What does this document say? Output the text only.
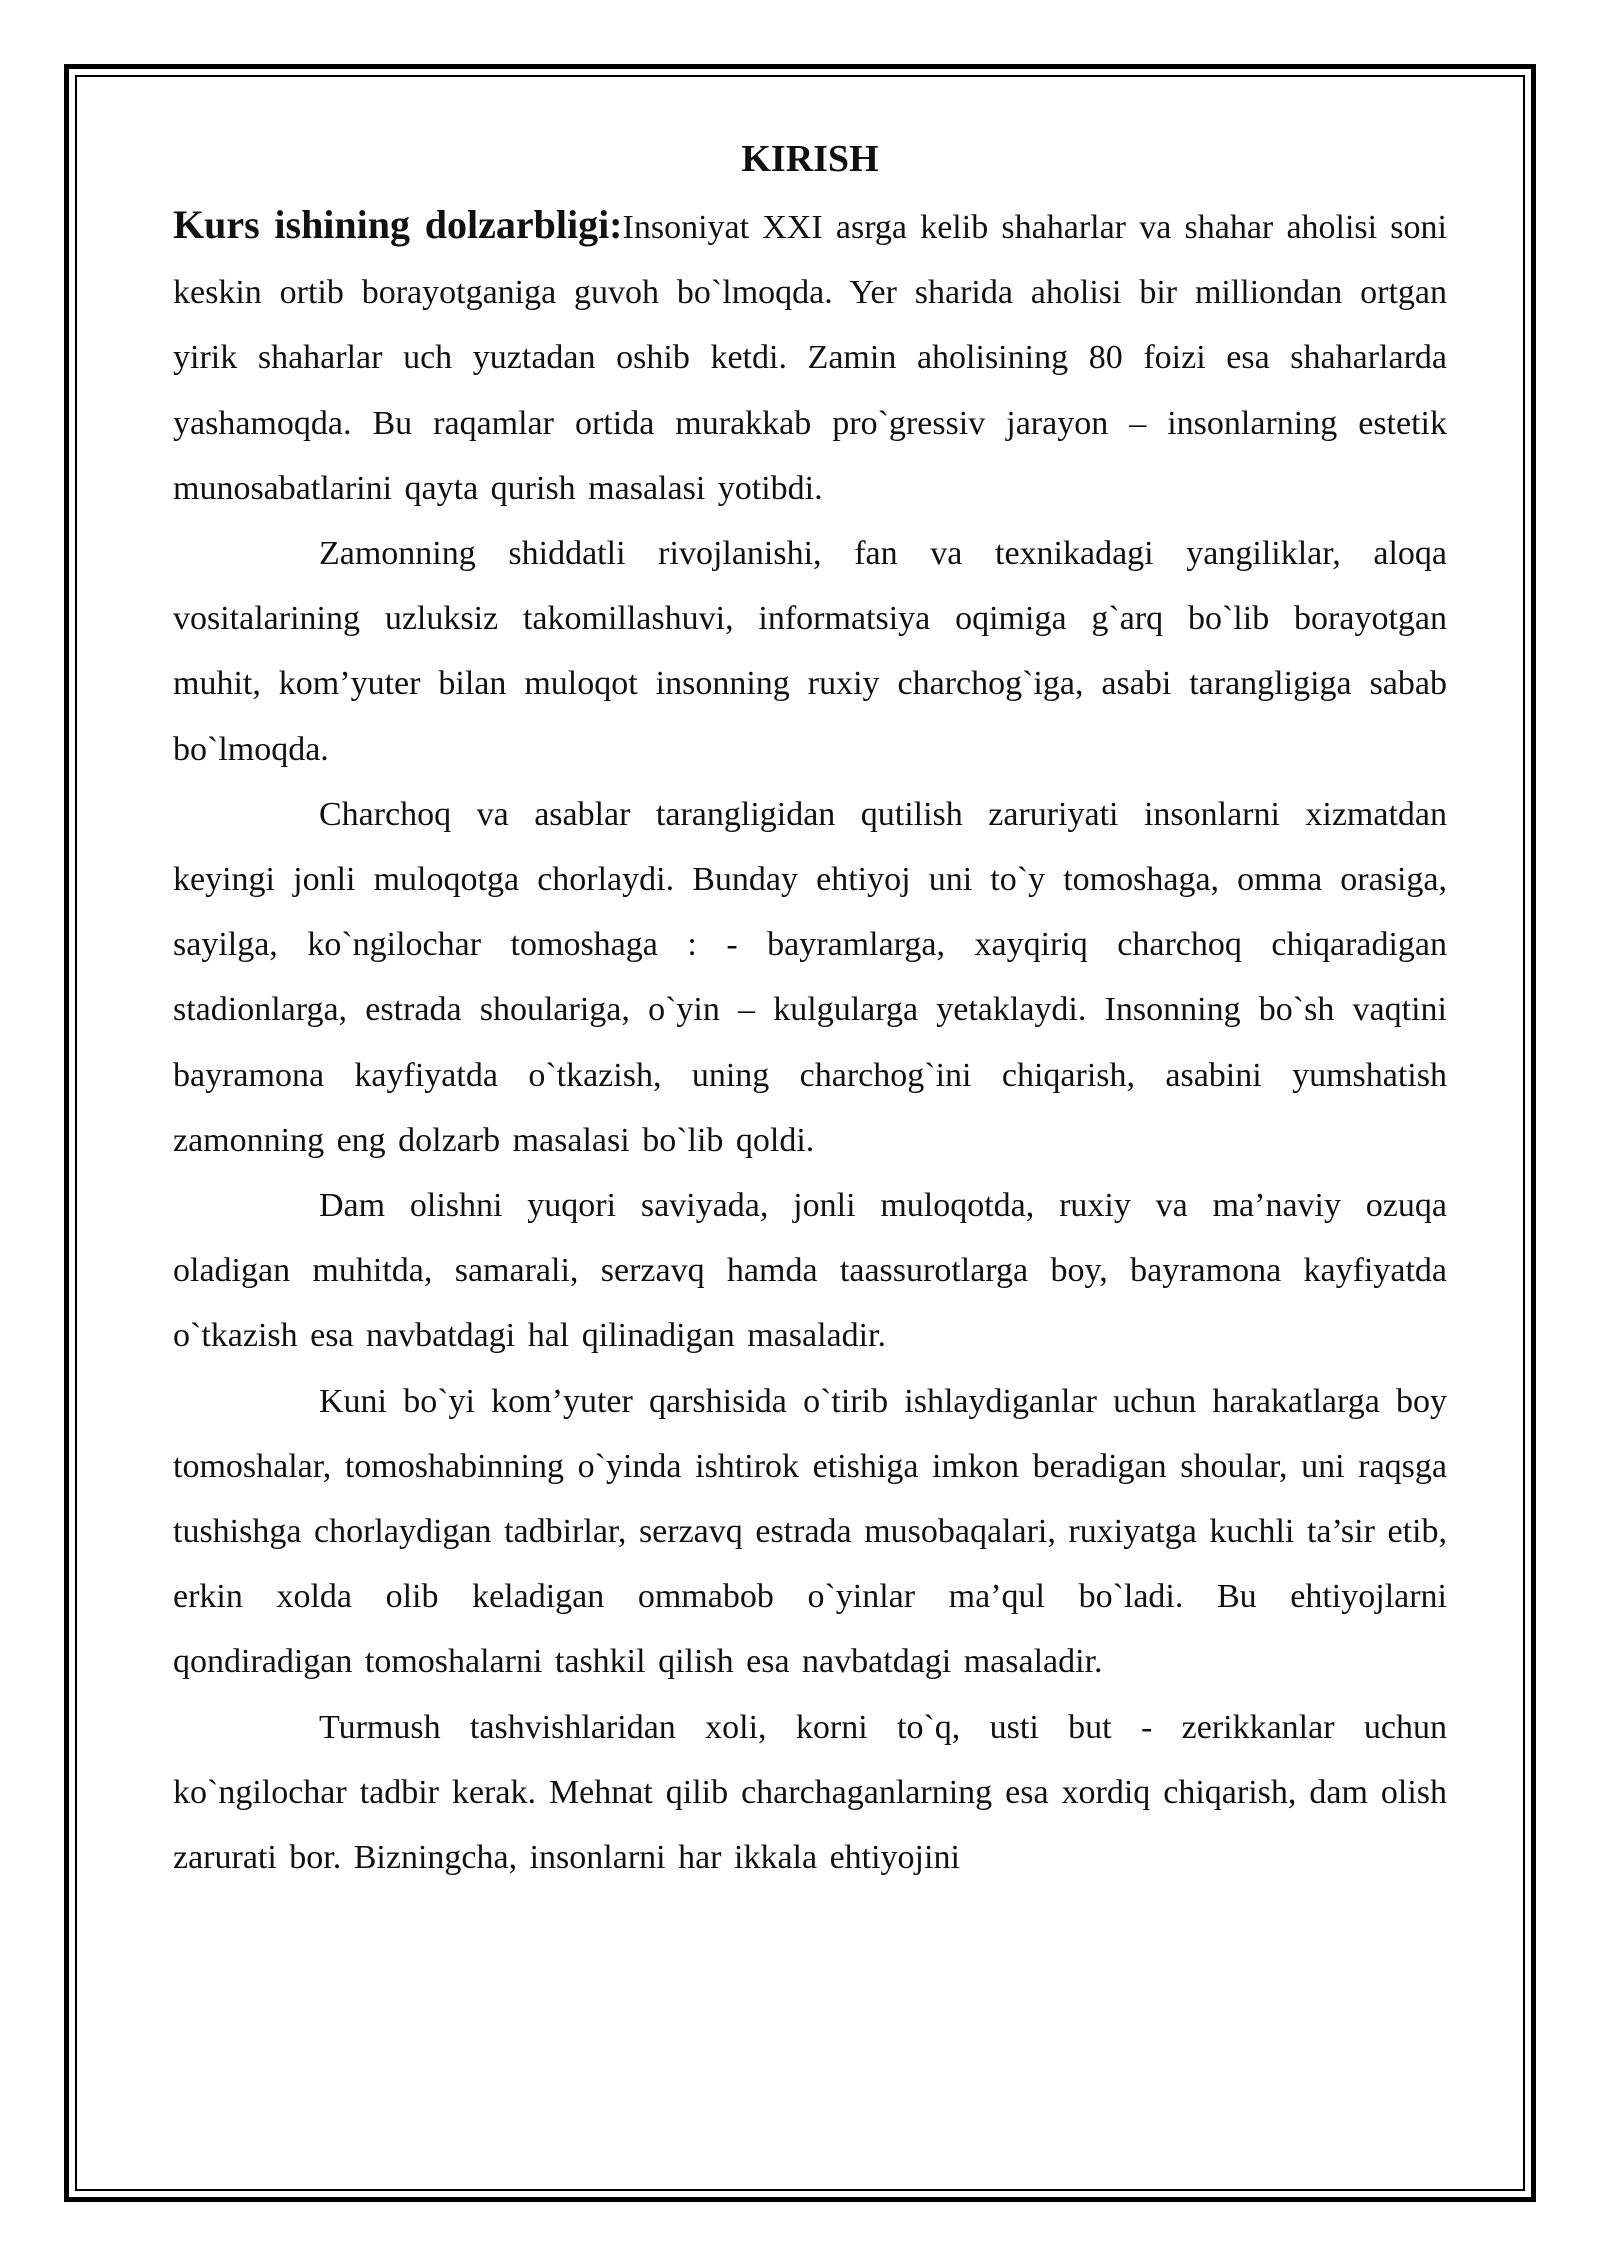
KIRISH

Kurs ishining dolzarbligi:Insoniyat XXI asrga kelib shaharlar va shahar aholisi soni keskin ortib borayotganiga guvoh bo`lmoqda. Yer sharida aholisi bir milliondan ortgan yirik shaharlar uch yuztadan oshib ketdi. Zamin aholisining 80 foizi esa shaharlarda yashamoqda. Bu raqamlar ortida murakkab pro`gressiv jarayon – insonlarning estetik munosabatlarini qayta qurish masalasi yotibdi.

Zamonning shiddatli rivojlanishi, fan va texnikadagi yangiliklar, aloqa vositalarining uzluksiz takomillashuvi, informatsiya oqimiga g`arq bo`lib borayotgan muhit, kom’yuter bilan muloqot insonning ruxiy charchog`iga, asabi tarangligiga sabab bo`lmoqda.

Charchoq va asablar tarangligidan qutilish zaruriyati insonlarni xizmatdan keyingi jonli muloqotga chorlaydi. Bunday ehtiyoj uni to`y tomoshaga, omma orasiga, sayilga, ko`ngilochar tomoshaga : - bayramlarga, xayqiriq charchoq chiqaradigan stadionlarga, estrada shoulariga, o`yin – kulgularga yetaklaydi. Insonning bo`sh vaqtini bayramona kayfiyatda o`tkazish, uning charchog`ini chiqarish, asabini yumshatish zamonning eng dolzarb masalasi bo`lib qoldi.

Dam olishni yuqori saviyada, jonli muloqotda, ruxiy va ma’naviy ozuqa oladigan muhitda, samarali, serzavq hamda taassurotlarga boy, bayramona kayfiyatda o`tkazish esa navbatdagi hal qilinadigan masaladir.

Kuni bo`yi kom’yuter qarshisida o`tirib ishlaydiganlar uchun harakatlarga boy tomoshalar, tomoshabinning o`yinda ishtirok etishiga imkon beradigan shoular, uni raqsga tushishga chorlaydigan tadbirlar, serzavq estrada musobaqalari, ruxiyatga kuchli ta’sir etib, erkin xolda olib keladigan ommabob o`yinlar ma’qul bo`ladi. Bu ehtiyojlarni qondiradigan tomoshalarni tashkil qilish esa navbatdagi masaladir.

Turmush tashvishlaridan xoli, korni to`q, usti but - zerikkanlar uchun ko`ngilochar tadbir kerak. Mehnat qilib charchaganlarning esa xordiq chiqarish, dam olish zarurati bor. Bizningcha, insonlarni har ikkala ehtiyojini
